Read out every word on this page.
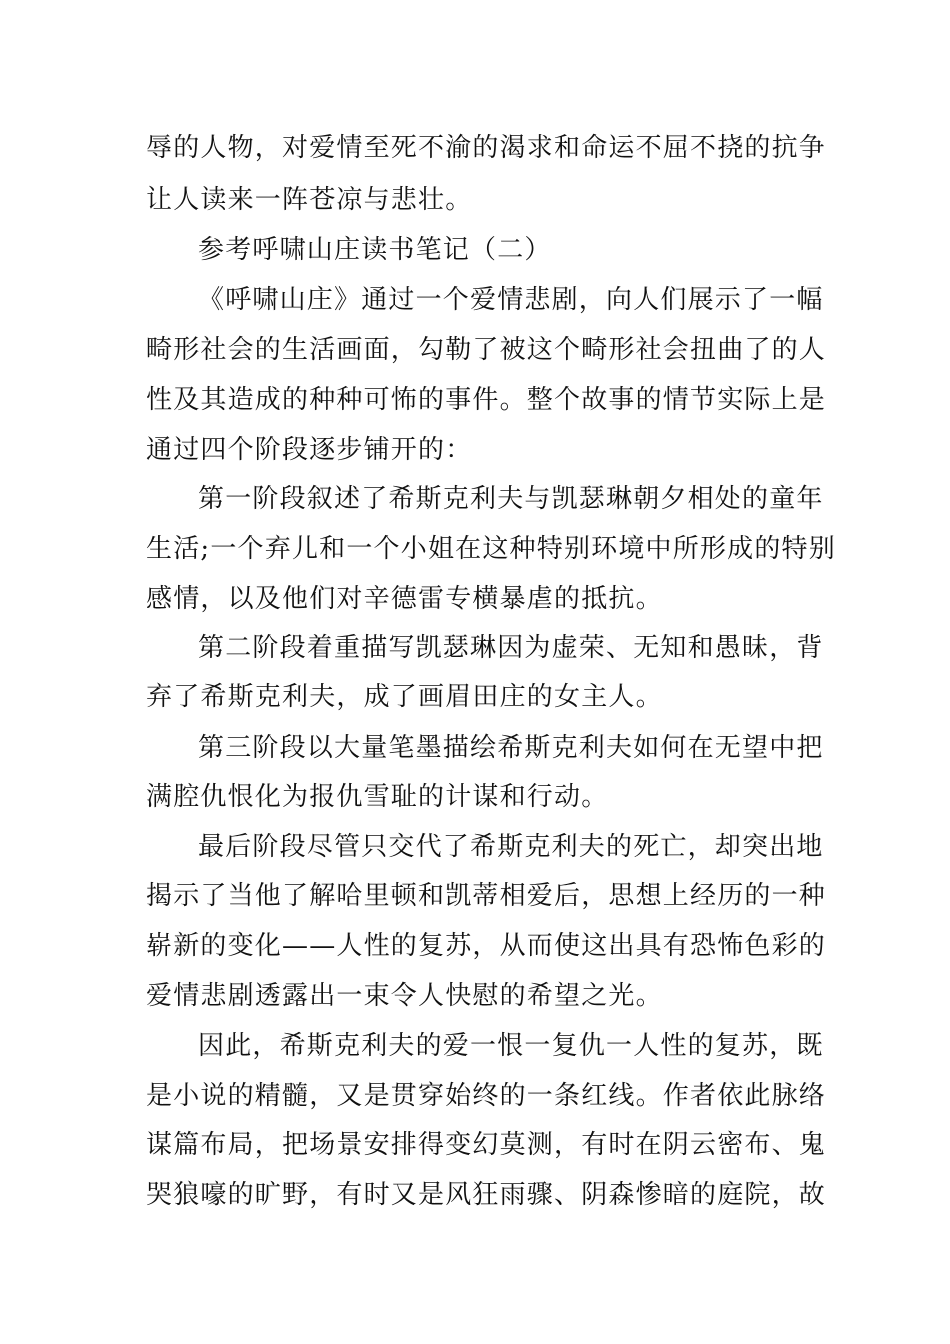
辱的人物，对爱情至死不渝的渴求和命运不屈不挠的抗争
让人读来一阵苍凉与悲壮。
参考呼啸山庄读书笔记（二）
《呼啸山庄》通过一个爱情悲剧，向人们展示了一幅
畸形社会的生活画面，勾勒了被这个畸形社会扭曲了的人
性及其造成的种种可怖的事件。整个故事的情节实际上是
通过四个阶段逐步铺开的：
第一阶段叙述了希斯克利夫与凯瑟琳朝夕相处的童年
生活;一个弃儿和一个小姐在这种特别环境中所形成的特别
感情，以及他们对辛德雷专横暴虐的抵抗。
第二阶段着重描写凯瑟琳因为虚荣、无知和愚昧，背
弃了希斯克利夫，成了画眉田庄的女主人。
第三阶段以大量笔墨描绘希斯克利夫如何在无望中把
满腔仇恨化为报仇雪耻的计谋和行动。
最后阶段尽管只交代了希斯克利夫的死亡，却突出地
揭示了当他了解哈里顿和凯蒂相爱后，思想上经历的一种
崭新的变化——人性的复苏，从而使这出具有恐怖色彩的
爱情悲剧透露出一束令人快慰的希望之光。
因此，希斯克利夫的爱一恨一复仇一人性的复苏，既
是小说的精髓，又是贯穿始终的一条红线。作者依此脉络
谋篇布局，把场景安排得变幻莫测，有时在阴云密布、鬼
哭狼嚎的旷野，有时又是风狂雨骤、阴森惨暗的庭院，故
